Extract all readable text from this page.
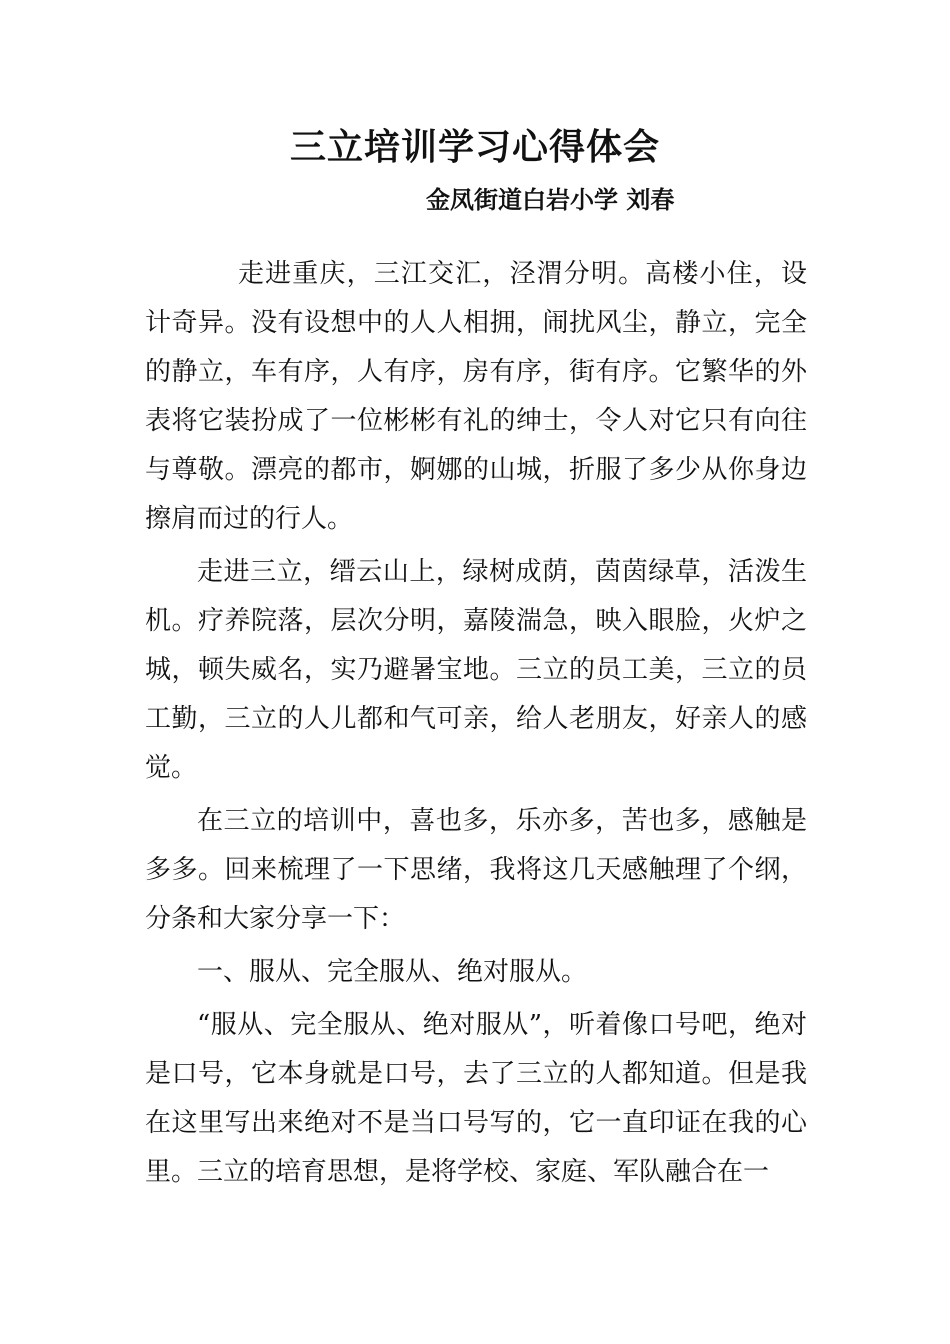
三立培训学习心得体会
金凤街道白岩小学 刘春

走进重庆，三江交汇，泾渭分明。高楼小住，设计奇异。没有设想中的人人相拥，闹扰风尘，静立，完全的静立，车有序，人有序，房有序，街有序。它繁华的外表将它装扮成了一位彬彬有礼的绅士，令人对它只有向往与尊敬。漂亮的都市，婀娜的山城，折服了多少从你身边擦肩而过的行人。

走进三立，缙云山上，绿树成荫，茵茵绿草，活泼生机。疗养院落，层次分明，嘉陵湍急，映入眼脸，火炉之城，顿失威名，实乃避暑宝地。三立的员工美，三立的员工勤，三立的人儿都和气可亲，给人老朋友，好亲人的感觉。

在三立的培训中，喜也多，乐亦多，苦也多，感触是多多。回来梳理了一下思绪，我将这几天感触理了个纲，分条和大家分享一下：

一、服从、完全服从、绝对服从。

“服从、完全服从、绝对服从”，听着像口号吧，绝对是口号，它本身就是口号，去了三立的人都知道。但是我在这里写出来绝对不是当口号写的，它一直印证在我的心里。三立的培育思想，是将学校、家庭、军队融合在一
